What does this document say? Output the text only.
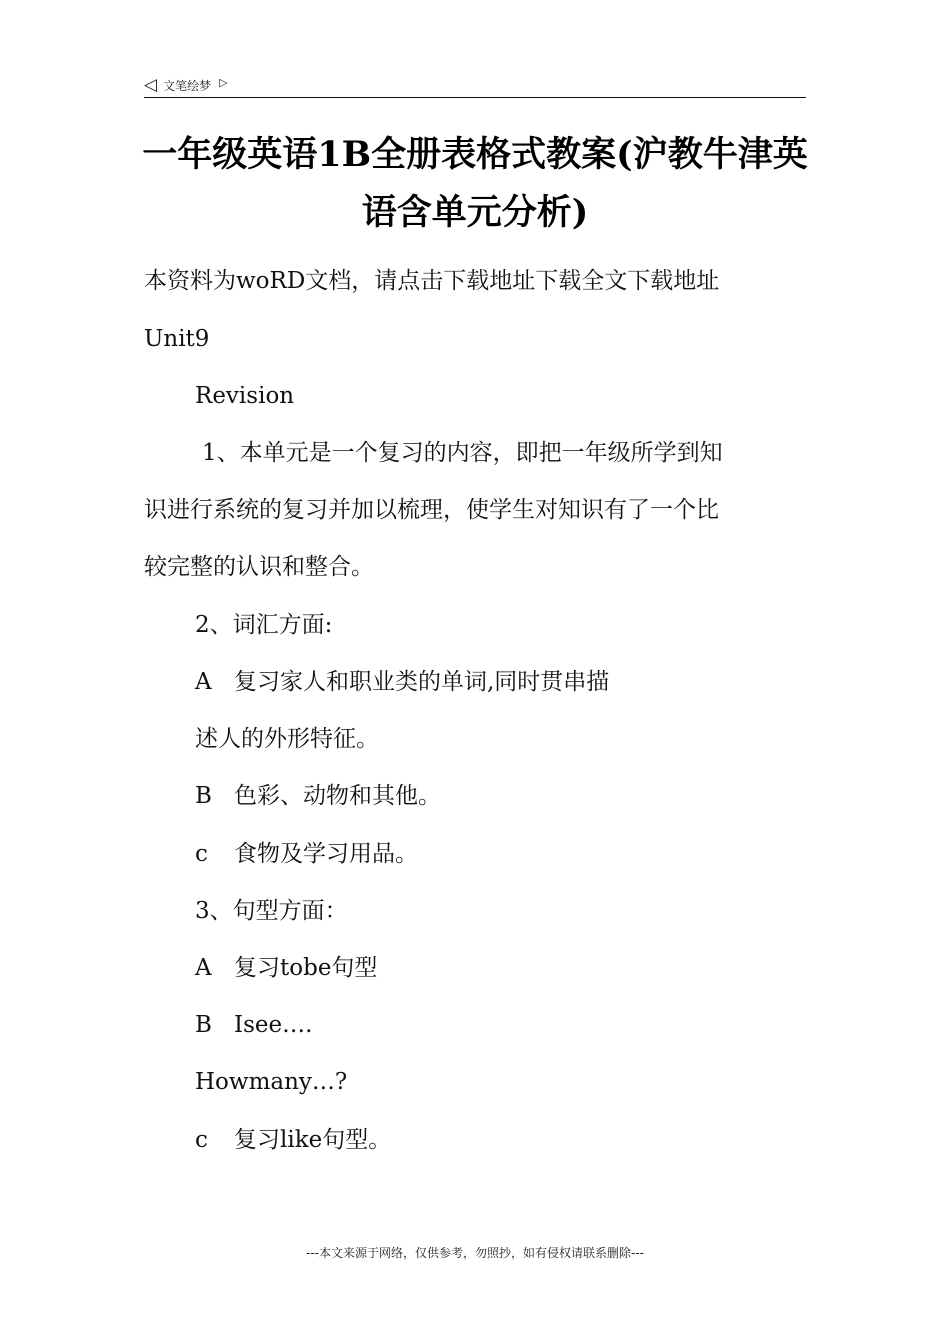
◁ 文笔绘梦 ▷
一年级英语1B全册表格式教案(沪教牛津英语含单元分析)
本资料为woRD文档，请点击下载地址下载全文下载地址
Unit9
Revision
1、本单元是一个复习的内容，即把一年级所学到知
识进行系统的复习并加以梳理，使学生对知识有了一个比
较完整的认识和整合。
2、词汇方面:
A 复习家人和职业类的单词,同时贯串描
述人的外形特征。
B 色彩、动物和其他。
c 食物及学习用品。
3、句型方面：
A 复习tobe句型
B Isee….
Howmany…?
c 复习like句型。
---本文来源于网络，仅供参考，勿照抄，如有侵权请联系删除---
